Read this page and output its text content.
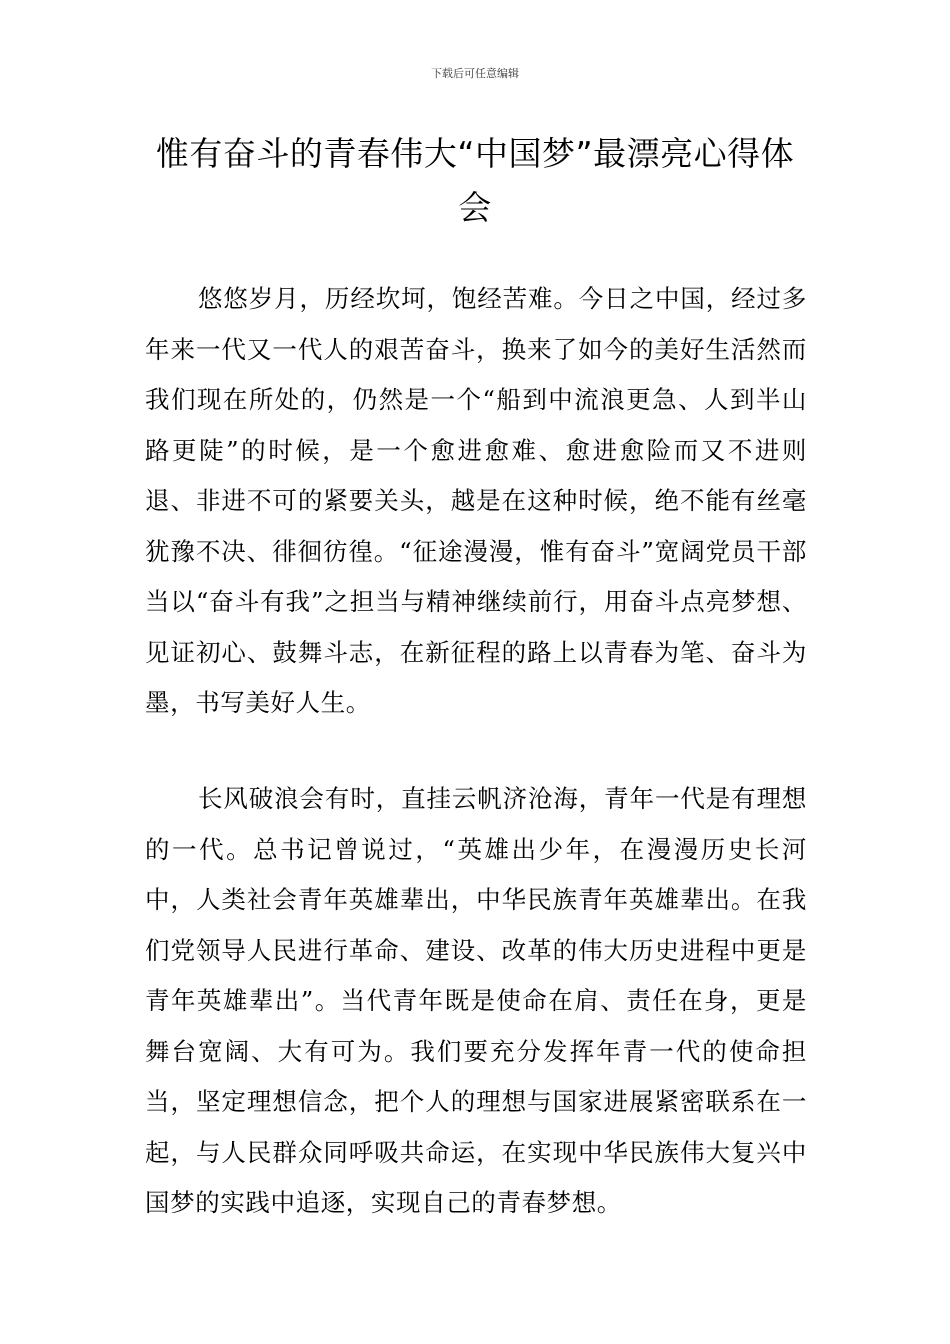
下载后可任意编辑
惟有奋斗的青春伟大“中国梦”最漂亮心得体会

悠悠岁月，历经坎坷，饱经苦难。今日之中国，经过多年来一代又一代人的艰苦奋斗，换来了如今的美好生活然而我们现在所处的，仍然是一个“船到中流浪更急、人到半山路更陡”的时候，是一个愈进愈难、愈进愈险而又不进则退、非进不可的紧要关头，越是在这种时候，绝不能有丝毫犹豫不决、徘徊彷徨。“征途漫漫，惟有奋斗”宽阔党员干部当以“奋斗有我”之担当与精神继续前行，用奋斗点亮梦想、见证初心、鼓舞斗志，在新征程的路上以青春为笔、奋斗为墨，书写美好人生。

长风破浪会有时，直挂云帆济沧海，青年一代是有理想的一代。总书记曾说过，“英雄出少年，在漫漫历史长河中，人类社会青年英雄辈出，中华民族青年英雄辈出。在我们党领导人民进行革命、建设、改革的伟大历史进程中更是青年英雄辈出”。当代青年既是使命在肩、责任在身，更是舞台宽阔、大有可为。我们要充分发挥年青一代的使命担当，坚定理想信念，把个人的理想与国家进展紧密联系在一起，与人民群众同呼吸共命运，在实现中华民族伟大复兴中国梦的实践中追逐，实现自己的青春梦想。
